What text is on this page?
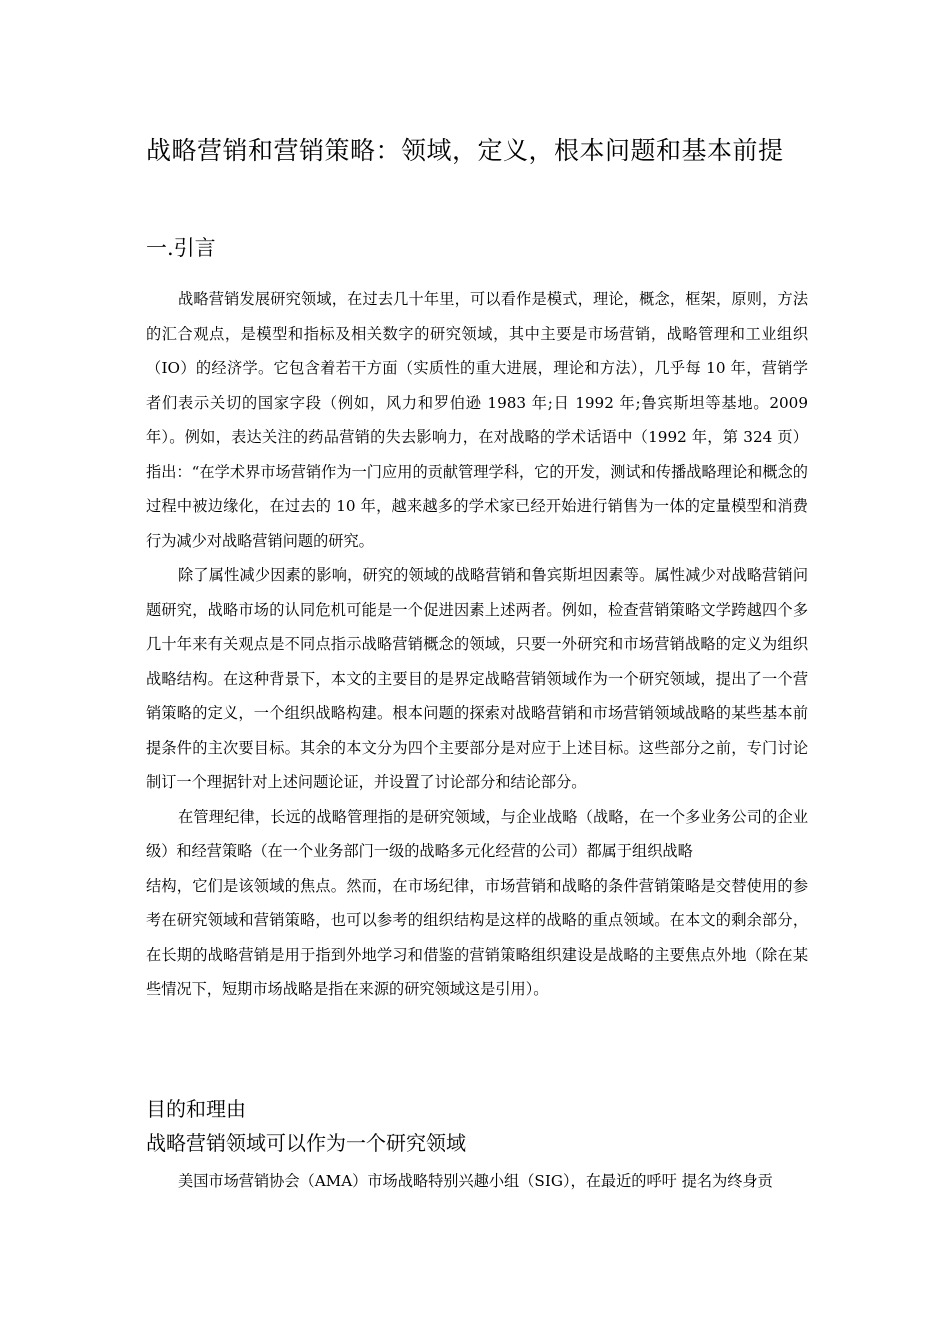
战略营销和营销策略：领域，定义，根本问题和基本前提
一.引言

战略营销发展研究领域，在过去几十年里，可以看作是模式，理论，概念，框架，原则，方法的汇合观点，是模型和指标及相关数字的研究领域，其中主要是市场营销，战略管理和工业组织（IO）的经济学。它包含着若干方面（实质性的重大进展，理论和方法），几乎每 10 年，营销学者们表示关切的国家字段（例如，风力和罗伯逊 1983 年;日 1992 年;鲁宾斯坦等基地。2009 年）。例如，表达关注的药品营销的失去影响力，在对战略的学术话语中（1992 年，第 324 页）指出：“在学术界市场营销作为一门应用的贡献管理学科，它的开发，测试和传播战略理论和概念的过程中被边缘化，在过去的 10 年，越来越多的学术家已经开始进行销售为一体的定量模型和消费行为减少对战略营销问题的研究。

除了属性减少因素的影响，研究的领域的战略营销和鲁宾斯坦因素等。属性减少对战略营销问题研究，战略市场的认同危机可能是一个促进因素上述两者。例如，检查营销策略文学跨越四个多几十年来有关观点是不同点指示战略营销概念的领域，只要一外研究和市场营销战略的定义为组织战略结构。在这种背景下，本文的主要目的是界定战略营销领域作为一个研究领域，提出了一个营销策略的定义，一个组织战略构建。根本问题的探索对战略营销和市场营销领域战略的某些基本前提条件的主次要目标。其余的本文分为四个主要部分是对应于上述目标。这些部分之前，专门讨论制订一个理据针对上述问题论证，并设置了讨论部分和结论部分。

在管理纪律，长远的战略管理指的是研究领域，与企业战略（战略，在一个多业务公司的企业级）和经营策略（在一个业务部门一级的战略多元化经营的公司）都属于组织战略

结构，它们是该领域的焦点。然而，在市场纪律，市场营销和战略的条件营销策略是交替使用的参考在研究领域和营销策略，也可以参考的组织结构是这样的战略的重点领域。在本文的剩余部分，在长期的战略营销是用于指到外地学习和借鉴的营销策略组织建设是战略的主要焦点外地（除在某些情况下，短期市场战略是指在来源的研究领域这是引用）。

目的和理由
战略营销领域可以作为一个研究领域

美国市场营销协会（AMA）市场战略特别兴趣小组（SIG），在最近的呼吁 提名为终身贡
